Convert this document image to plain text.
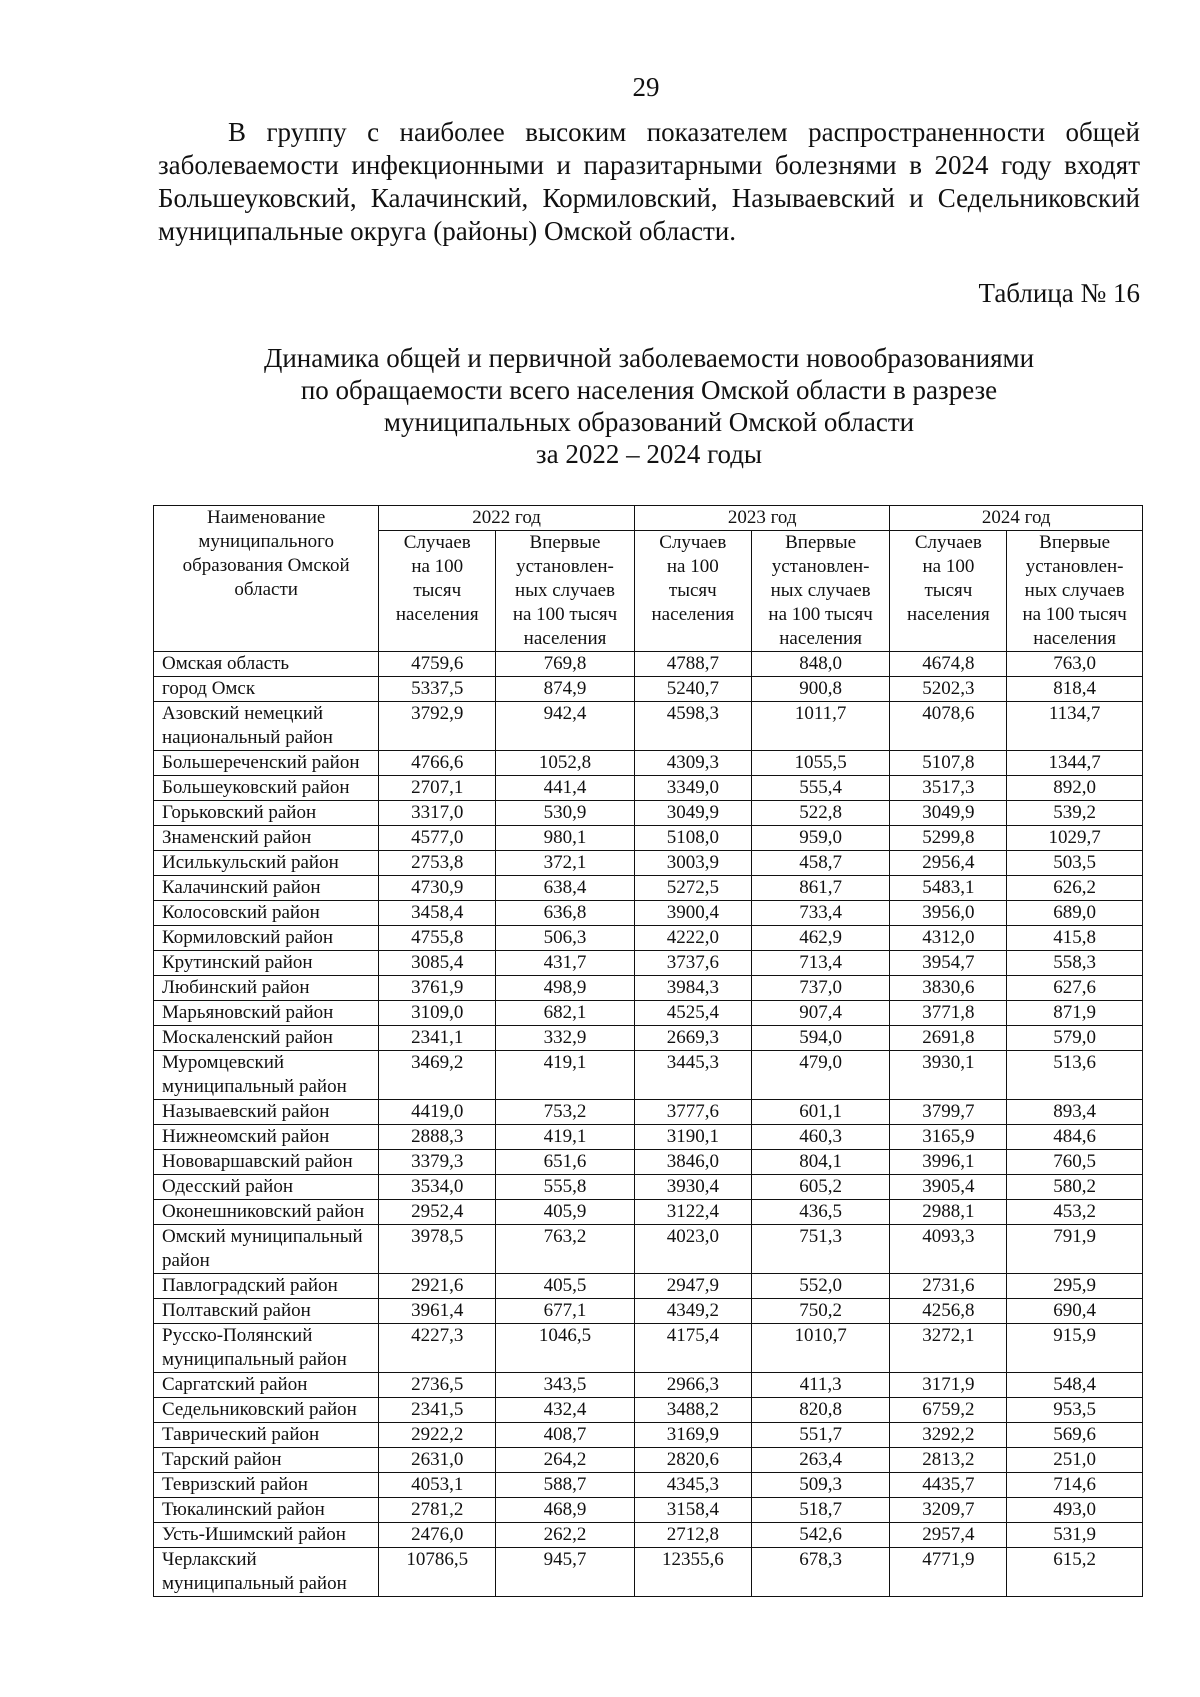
29

В группу с наиболее высоким показателем распространенности общей заболеваемости инфекционными и паразитарными болезнями в 2024 году входят Большеуковский, Калачинский, Кормиловский, Называевский и Седельниковский муниципальные округа (районы) Омской области.

Таблица № 16
Динамика общей и первичной заболеваемости новообразованиями
по обращаемости всего населения Омской области в разрезе
муниципальных образований Омской области
за 2022 – 2024 годы
Наименование
муниципального
образования Омской
области	2022 год		2023 год		2024 год	
	Случаев
на 100
тысяч
населения	Впервые
установлен-
ных случаев
на 100 тысяч
населения	Случаев
на 100
тысяч
населения	Впервые
установлен-
ных случаев
на 100 тысяч
населения	Случаев
на 100
тысяч
населения	Впервые
установлен-
ных случаев
на 100 тысяч
населения
Омская область	4759,6	769,8	4788,7	848,0	4674,8	763,0
город Омск	5337,5	874,9	5240,7	900,8	5202,3	818,4
Азовский немецкий национальный район	3792,9	942,4	4598,3	1011,7	4078,6	1134,7
Большереченский район	4766,6	1052,8	4309,3	1055,5	5107,8	1344,7
Большеуковский район	2707,1	441,4	3349,0	555,4	3517,3	892,0
Горьковский район	3317,0	530,9	3049,9	522,8	3049,9	539,2
Знаменский район	4577,0	980,1	5108,0	959,0	5299,8	1029,7
Исилькульский район	2753,8	372,1	3003,9	458,7	2956,4	503,5
Калачинский район	4730,9	638,4	5272,5	861,7	5483,1	626,2
Колосовский район	3458,4	636,8	3900,4	733,4	3956,0	689,0
Кормиловский район	4755,8	506,3	4222,0	462,9	4312,0	415,8
Крутинский район	3085,4	431,7	3737,6	713,4	3954,7	558,3
Любинский район	3761,9	498,9	3984,3	737,0	3830,6	627,6
Марьяновский район	3109,0	682,1	4525,4	907,4	3771,8	871,9
Москаленский район	2341,1	332,9	2669,3	594,0	2691,8	579,0
Муромцевский муниципальный район	3469,2	419,1	3445,3	479,0	3930,1	513,6
Называевский район	4419,0	753,2	3777,6	601,1	3799,7	893,4
Нижнеомский район	2888,3	419,1	3190,1	460,3	3165,9	484,6
Нововаршавский район	3379,3	651,6	3846,0	804,1	3996,1	760,5
Одесский район	3534,0	555,8	3930,4	605,2	3905,4	580,2
Оконешниковский район	2952,4	405,9	3122,4	436,5	2988,1	453,2
Омский муниципальный район	3978,5	763,2	4023,0	751,3	4093,3	791,9
Павлоградский район	2921,6	405,5	2947,9	552,0	2731,6	295,9
Полтавский район	3961,4	677,1	4349,2	750,2	4256,8	690,4
Русско-Полянский муниципальный район	4227,3	1046,5	4175,4	1010,7	3272,1	915,9
Саргатский район	2736,5	343,5	2966,3	411,3	3171,9	548,4
Седельниковский район	2341,5	432,4	3488,2	820,8	6759,2	953,5
Таврический район	2922,2	408,7	3169,9	551,7	3292,2	569,6
Тарский район	2631,0	264,2	2820,6	263,4	2813,2	251,0
Тевризский район	4053,1	588,7	4345,3	509,3	4435,7	714,6
Тюкалинский район	2781,2	468,9	3158,4	518,7	3209,7	493,0
Усть-Ишимский район	2476,0	262,2	2712,8	542,6	2957,4	531,9
Черлакский муниципальный район	10786,5	945,7	12355,6	678,3	4771,9	615,2
